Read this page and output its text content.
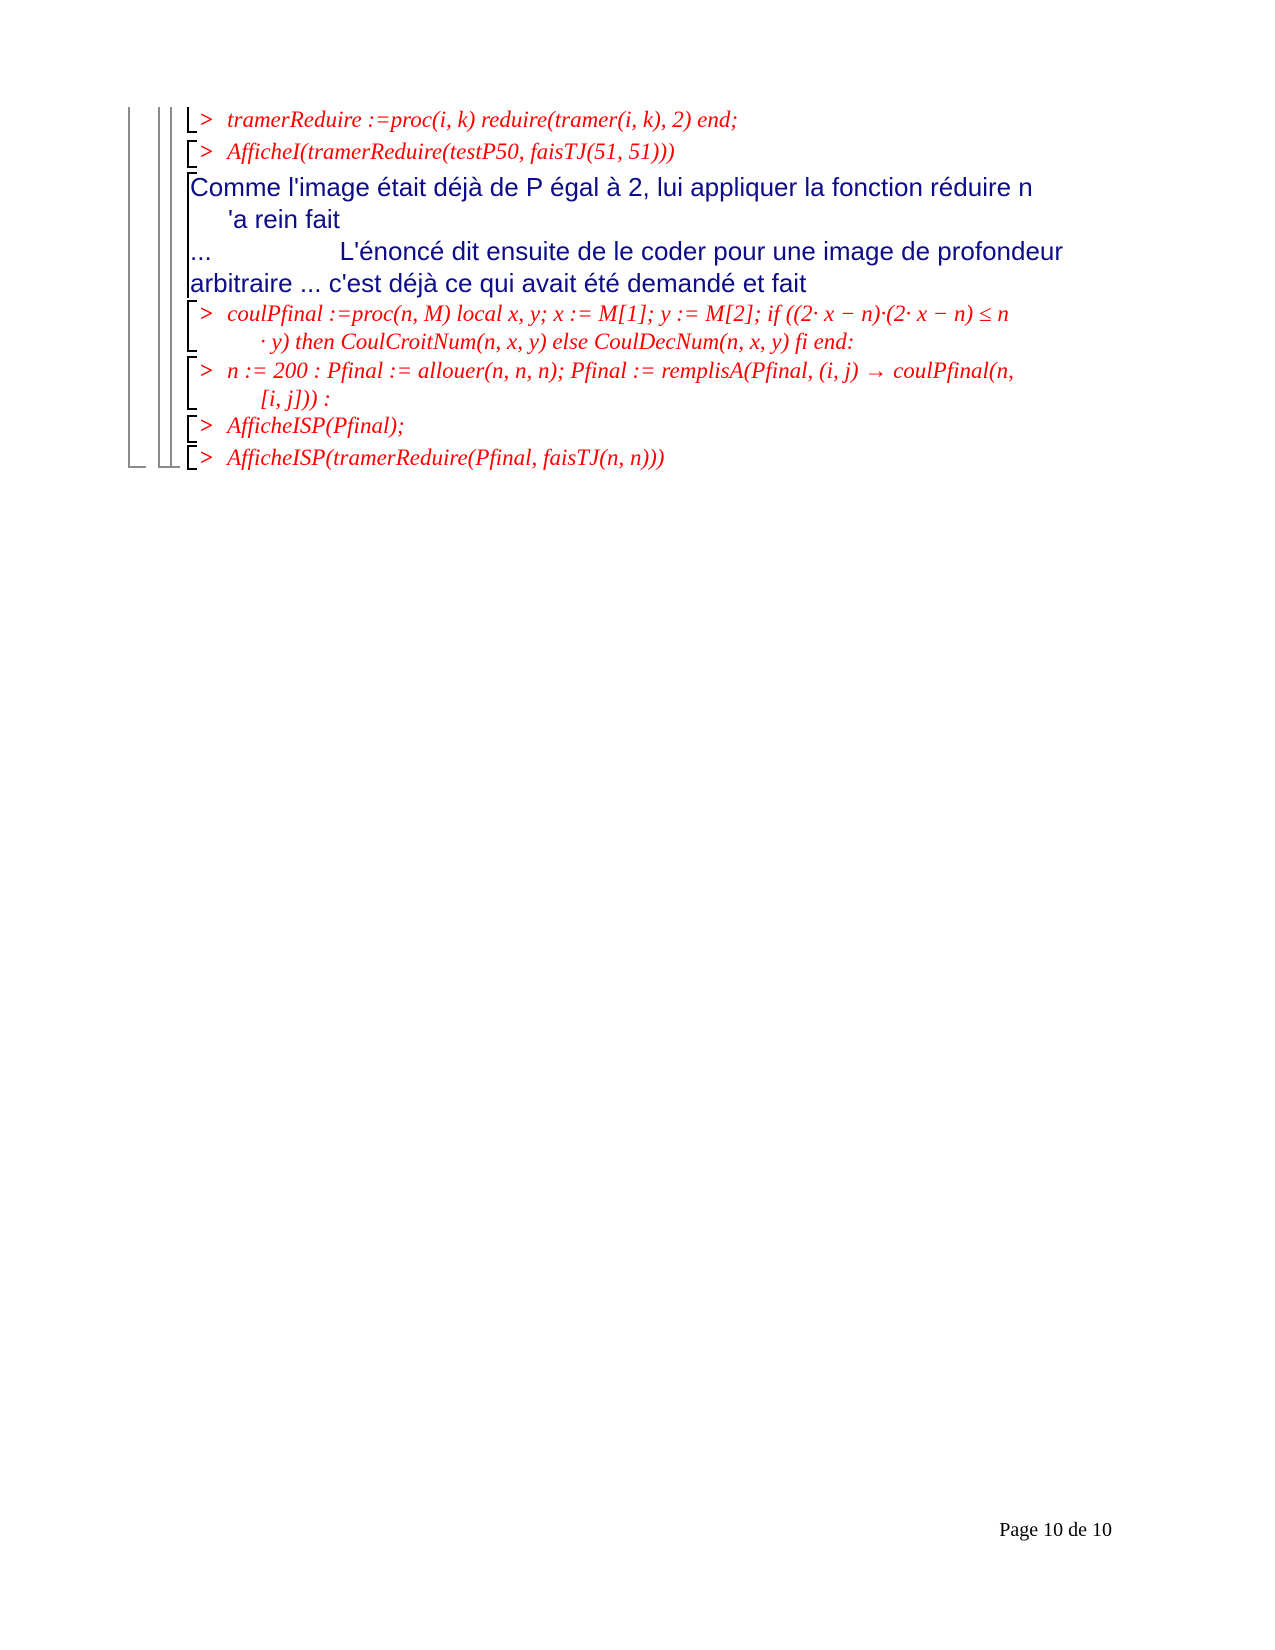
> tramerReduire :=proc(i, k) reduire(tramer(i, k), 2) end;
> AfficheI(tramerReduire(testP50, faisTJ(51, 51)))

Comme l'image était déjà de P égal à 2, lui appliquer la fonction réduire n

'a rein fait

...	L'énoncé dit ensuite de le coder pour une image de profondeur

arbitraire ... c'est déjà ce qui avait été demandé et fait

> coulPfinal :=proc(n, M) local x, y; x := M[1]; y := M[2]; if ((2· x − n)·(2· x − n) ≤ n
· y) then CoulCroitNum(n, x, y) else CoulDecNum(n, x, y) fi end:
> n := 200 : Pfinal := allouer(n, n, n); Pfinal := remplisA(Pfinal, (i, j) → coulPfinal(n,
[i, j])) :
> AfficheISP(Pfinal);
> AfficheISP(tramerReduire(Pfinal, faisTJ(n, n)))
Page 10 de 10
